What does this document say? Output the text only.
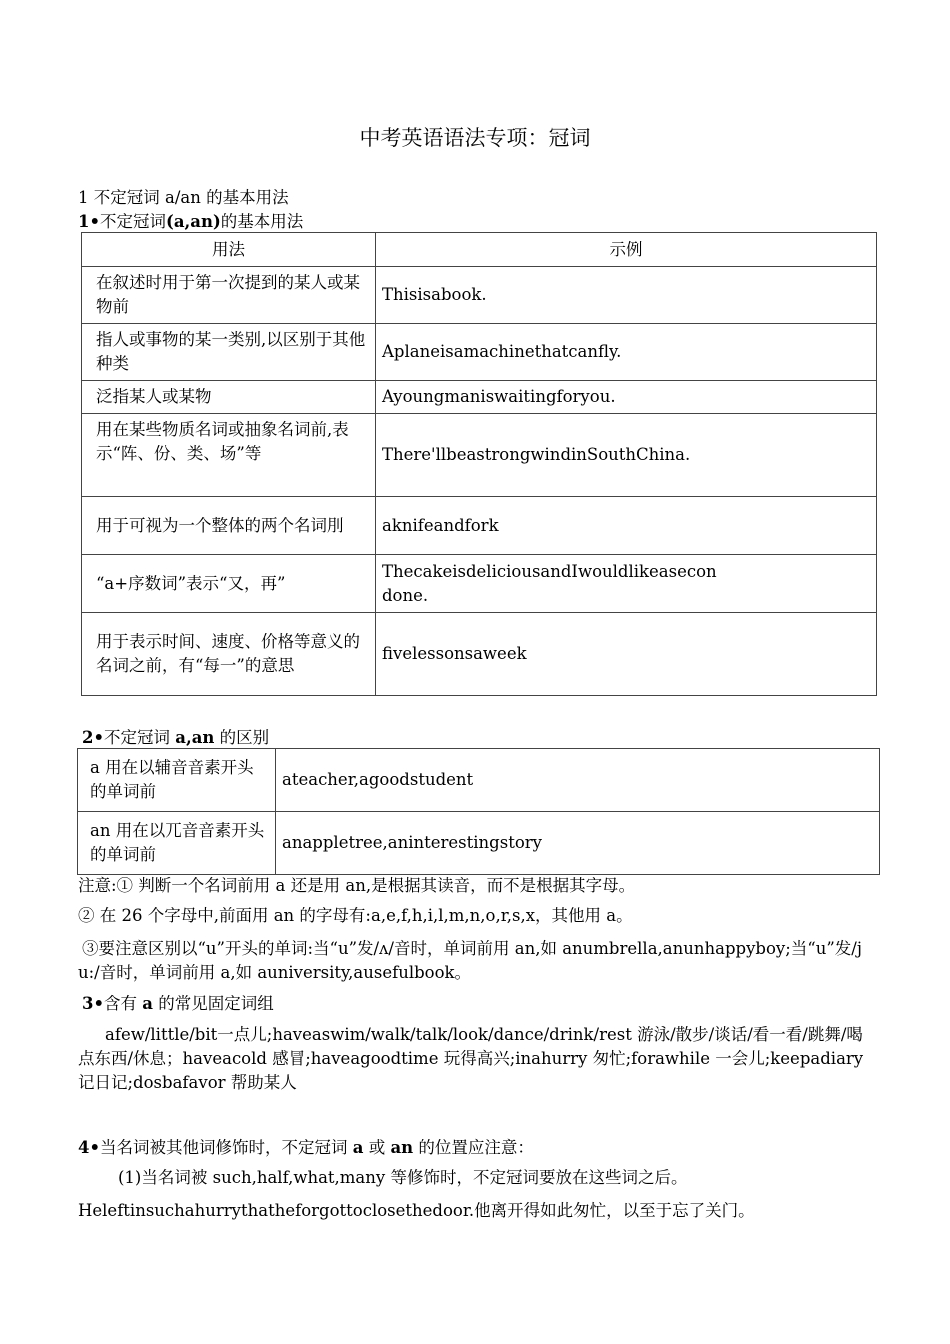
中考英语语法专项：冠词
1 不定冠词 a/an 的基本用法
1•不定冠词(a,an)的基本用法
用法	示例
在叙述时用于第一次提到的某人或某物前	Thisisabook.
指人或事物的某一类别,以区别于其他种类	Aplaneisamachinethatcanfly.
泛指某人或某物	Ayoungmaniswaitingforyou.
用在某些物质名词或抽象名词前,表示“阵、份、类、场”等	There'llbeastrongwindinSouthChina.
用于可视为一个整体的两个名词刖	aknifeandfork
“a+序数词”表示“又，再”	ThecakeisdeliciousandIwouldlikeasecondone.
用于表示时间、速度、价格等意义的名词之前，有“每一”的意思	fivelessonsaweek
2•不定冠词 a,an 的区别
a 用在以辅音音素开头的单词前	ateacher,agoodstudent
an 用在以兀音音素开头的单词前	anappletree,aninterestingstory
注意:① 判断一个名词前用 a 还是用 an,是根据其读音，而不是根据其字母。
② 在 26 个字母中,前面用 an 的字母有:a,e,f,h,i,l,m,n,o,r,s,x，其他用 a。
③要注意区别以“u”开头的单词:当“u”发/ʌ/音时，单词前用 an,如 anumbrella,anunhappyboy;当“u”发/ju:/音时，单词前用 a,如 auniversity,ausefulbook。
3•含有 a 的常见固定词组
afew/little/bit一点儿;haveaswim/walk/talk/look/dance/drink/rest 游泳/散步/谈话/看一看/跳舞/喝点东西/休息；haveacold 感冒;haveagoodtime 玩得高兴;inahurry 匆忙;forawhile 一会儿;keepadiary 记日记;dosbafavor 帮助某人
4•当名词被其他词修饰时，不定冠词 a 或 an 的位置应注意：
(1)当名词被 such,half,what,many 等修饰时，不定冠词要放在这些词之后。
Heleftinsuchahurrythatheforgottoclosethedoor.他离开得如此匆忙，以至于忘了关门。
